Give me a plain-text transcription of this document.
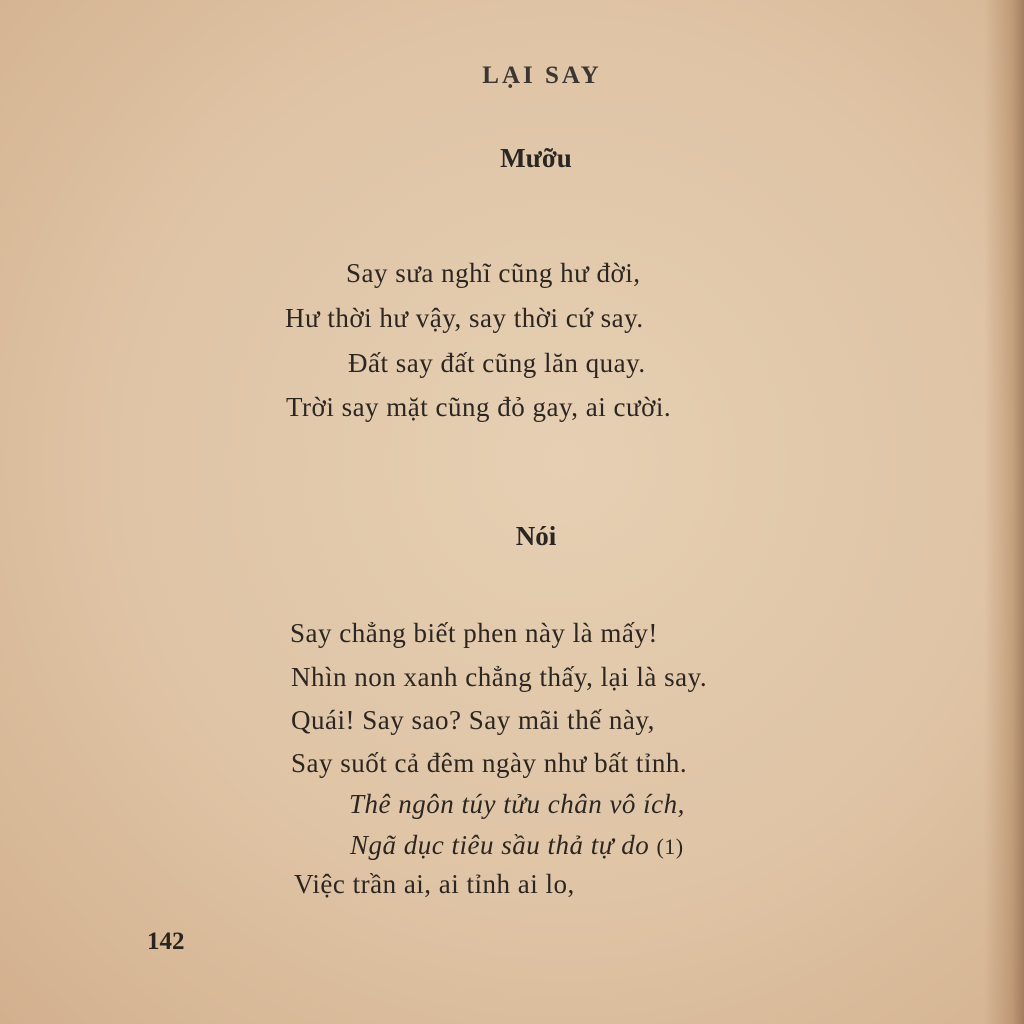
LẠI SAY
Mưỡu
Say sưa nghĩ cũng hư đời,
Hư thời hư vậy, say thời cứ say.
Đất say đất cũng lăn quay.
Trời say mặt cũng đỏ gay, ai cười.
Nói
Say chẳng biết phen này là mấy!
Nhìn non xanh chẳng thấy, lại là say.
Quái! Say sao? Say mãi thế này,
Say suốt cả đêm ngày như bất tỉnh.
Thê ngôn túy tửu chân vô ích,
Ngã dục tiêu sầu thả tự do (1)
Việc trần ai, ai tỉnh ai lo,
142
